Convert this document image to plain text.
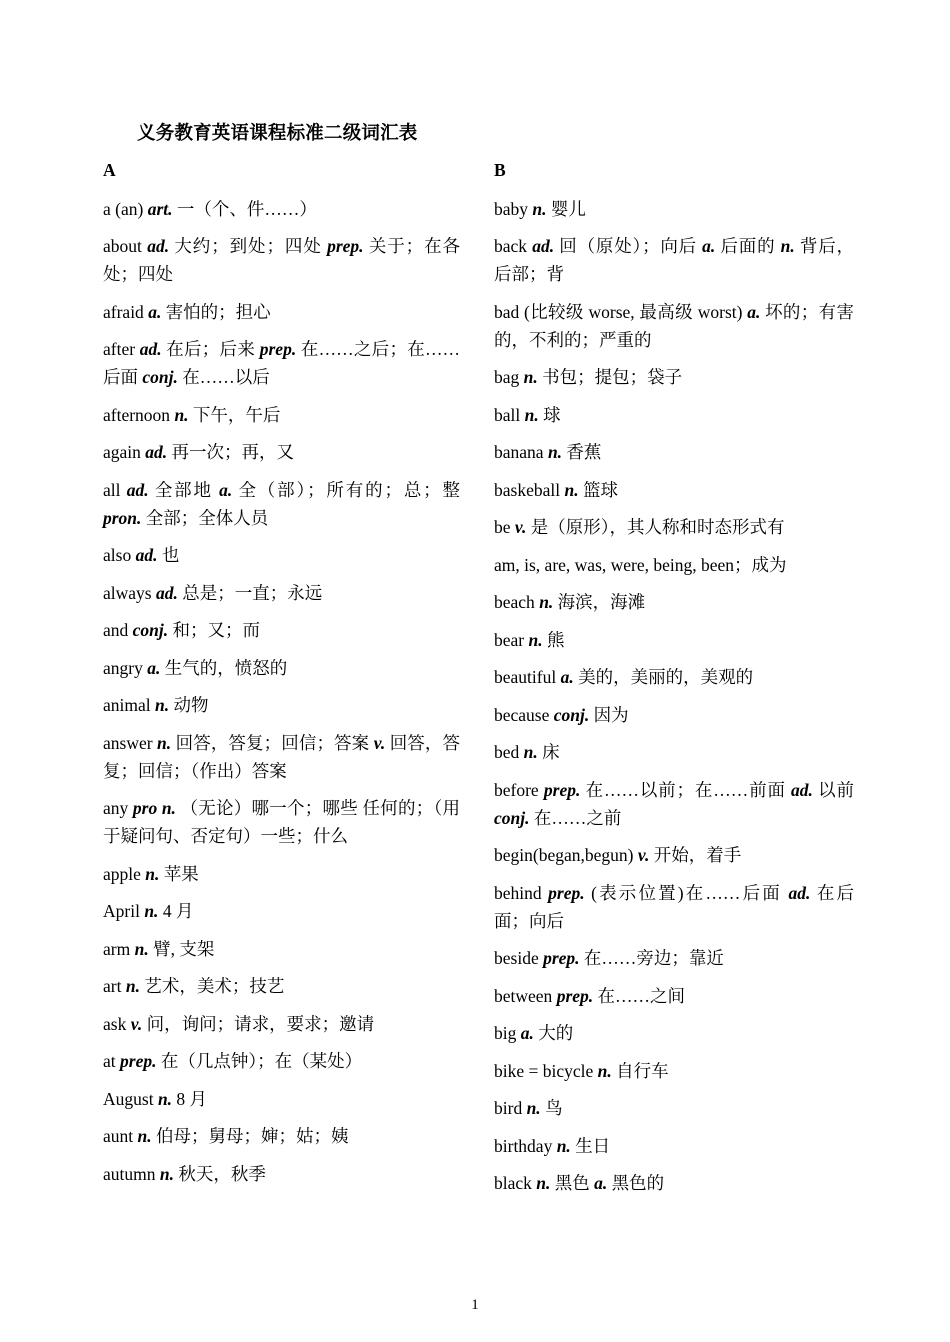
义务教育英语课程标准二级词汇表
A
a (an) art. 一（个、件……）
about ad. 大约；到处；四处 prep. 关于；在各处；四处
afraid a. 害怕的；担心
after ad. 在后；后来 prep. 在……之后；在……后面 conj. 在……以后
afternoon n. 下午，午后
again ad. 再一次；再，又
all ad. 全部地 a. 全（部）；所有的；总；整 pron. 全部；全体人员
also ad. 也
always ad. 总是；一直；永远
and conj. 和；又；而
angry a. 生气的，愤怒的
animal n. 动物
answer n. 回答，答复；回信；答案 v. 回答，答复；回信；（作出）答案
any pro n. （无论）哪一个；哪些 任何的；（用于疑问句、否定句）一些；什么
apple n. 苹果
April n. 4 月
arm n. 臂, 支架
art n. 艺术，美术；技艺
ask v. 问，询问；请求，要求；邀请
at prep. 在（几点钟）；在（某处）
August n. 8 月
aunt n. 伯母；舅母；婶；姑；姨
autumn n. 秋天，秋季
B
baby n. 婴儿
back ad. 回（原处）；向后 a. 后面的 n. 背后，后部；背
bad (比较级 worse, 最高级 worst) a. 坏的；有害的，不利的；严重的
bag n. 书包；提包；袋子
ball n. 球
banana n. 香蕉
baskeball n. 篮球
be v. 是（原形），其人称和时态形式有
am, is, are, was, were, being, been；成为
beach n. 海滨，海滩
bear n. 熊
beautiful a. 美的，美丽的，美观的
because conj. 因为
bed n. 床
before prep. 在……以前；在……前面 ad. 以前 conj. 在……之前
begin(began,begun) v. 开始，着手
behind prep. (表示位置)在……后面 ad. 在后面；向后
beside prep. 在……旁边；靠近
between prep. 在……之间
big a. 大的
bike = bicycle n. 自行车
bird n. 鸟
birthday n. 生日
black n. 黑色 a. 黑色的
1
